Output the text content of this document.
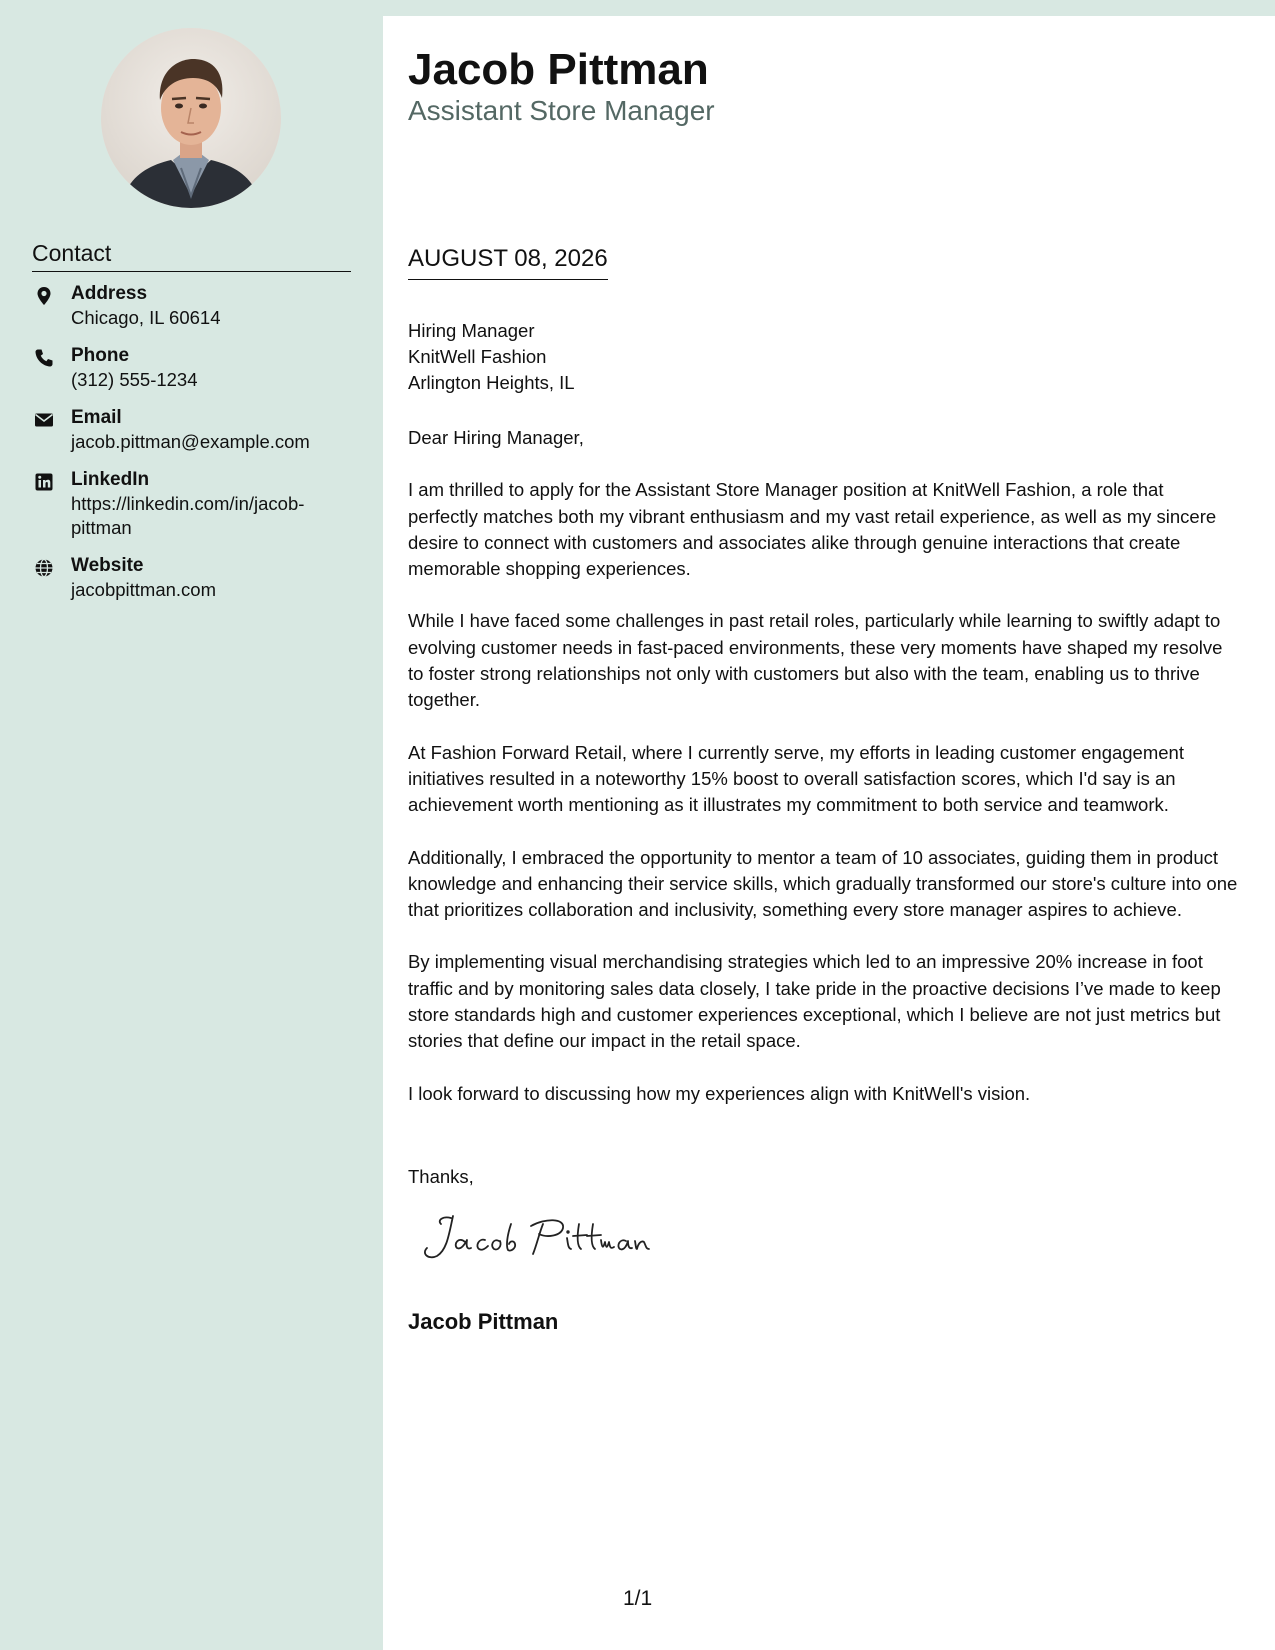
Contact
Address
Chicago, IL 60614
Phone
(312) 555-1234
Email
jacob.pittman@example.com
LinkedIn
https://linkedin.com/in/jacob-pittman
Website
jacobpittman.com
Jacob Pittman
Assistant Store Manager
AUGUST 08, 2026
Hiring Manager
KnitWell Fashion
Arlington Heights, IL

Dear Hiring Manager,

I am thrilled to apply for the Assistant Store Manager position at KnitWell Fashion, a role that perfectly matches both my vibrant enthusiasm and my vast retail experience, as well as my sincere desire to connect with customers and associates alike through genuine interactions that create memorable shopping experiences.

While I have faced some challenges in past retail roles, particularly while learning to swiftly adapt to evolving customer needs in fast-paced environments, these very moments have shaped my resolve to foster strong relationships not only with customers but also with the team, enabling us to thrive together.

At Fashion Forward Retail, where I currently serve, my efforts in leading customer engagement initiatives resulted in a noteworthy 15% boost to overall satisfaction scores, which I'd say is an achievement worth mentioning as it illustrates my commitment to both service and teamwork.

Additionally, I embraced the opportunity to mentor a team of 10 associates, guiding them in product knowledge and enhancing their service skills, which gradually transformed our store's culture into one that prioritizes collaboration and inclusivity, something every store manager aspires to achieve.

By implementing visual merchandising strategies which led to an impressive 20% increase in foot traffic and by monitoring sales data closely, I take pride in the proactive decisions I’ve made to keep store standards high and customer experiences exceptional, which I believe are not just metrics but stories that define our impact in the retail space.

I look forward to discussing how my experiences align with KnitWell's vision.

Thanks,
Jacob Pittman
1/1
